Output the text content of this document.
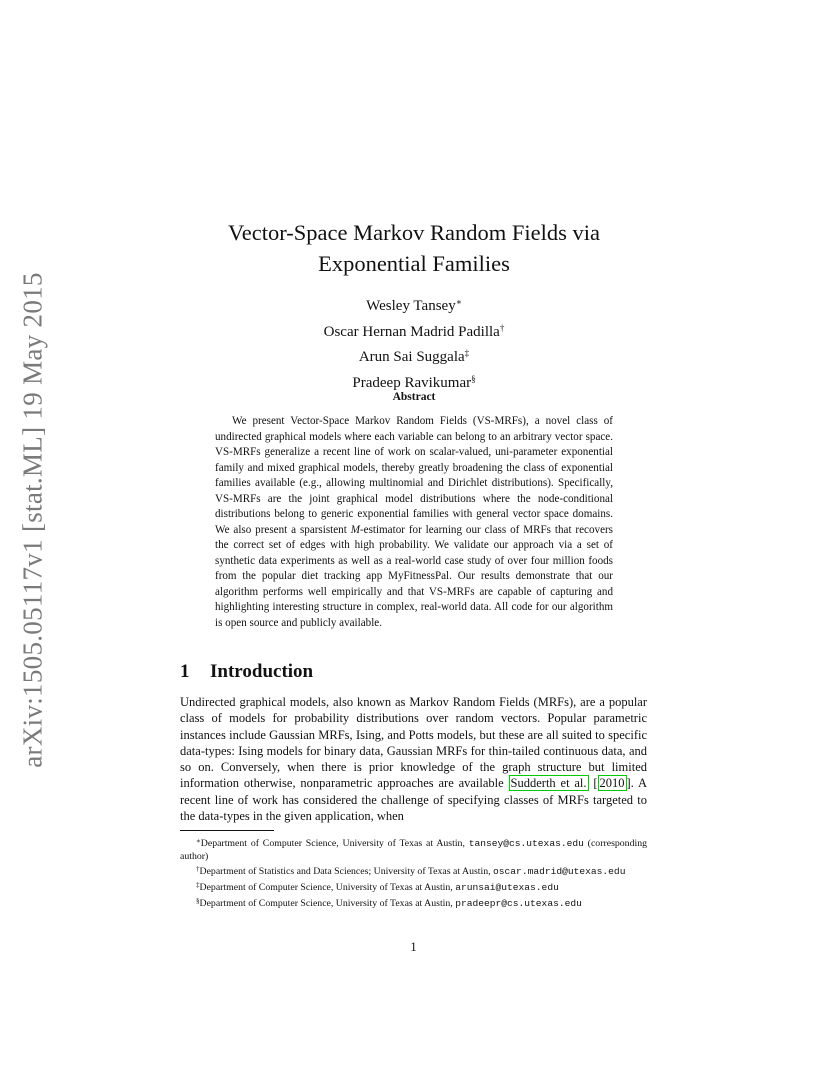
arXiv:1505.05117v1 [stat.ML] 19 May 2015
Vector-Space Markov Random Fields via
Exponential Families
Wesley Tansey∗
Oscar Hernan Madrid Padilla†
Arun Sai Suggala‡
Pradeep Ravikumar§
Abstract

We present Vector-Space Markov Random Fields (VS-MRFs), a novel class of undirected graphical models where each variable can belong to an arbitrary vector space. VS-MRFs generalize a recent line of work on scalar-valued, uni-parameter exponential family and mixed graphical models, thereby greatly broadening the class of exponential families available (e.g., allowing multinomial and Dirichlet distributions). Specifically, VS-MRFs are the joint graphical model distributions where the node-conditional distributions belong to generic exponential families with general vector space domains. We also present a sparsistent M-estimator for learning our class of MRFs that recovers the correct set of edges with high probability. We validate our approach via a set of synthetic data experiments as well as a real-world case study of over four million foods from the popular diet tracking app MyFitnessPal. Our results demonstrate that our algorithm performs well empirically and that VS-MRFs are capable of capturing and highlighting interesting structure in complex, real-world data. All code for our algorithm is open source and publicly available.

1 Introduction

Undirected graphical models, also known as Markov Random Fields (MRFs), are a popular class of models for probability distributions over random vectors. Popular parametric instances include Gaussian MRFs, Ising, and Potts models, but these are all suited to specific data-types: Ising models for binary data, Gaussian MRFs for thin-tailed continuous data, and so on. Conversely, when there is prior knowledge of the graph structure but limited information otherwise, nonparametric approaches are available Sudderth et al. [ 2010 ]. A recent line of work has considered the challenge of specifying classes of MRFs targeted to the data-types in the given application, when

∗Department of Computer Science, University of Texas at Austin, tansey@cs.utexas.edu (corresponding author)

†Department of Statistics and Data Sciences; University of Texas at Austin, oscar.madrid@utexas.edu

‡Department of Computer Science, University of Texas at Austin, arunsai@utexas.edu

§Department of Computer Science, University of Texas at Austin, pradeepr@cs.utexas.edu

1
